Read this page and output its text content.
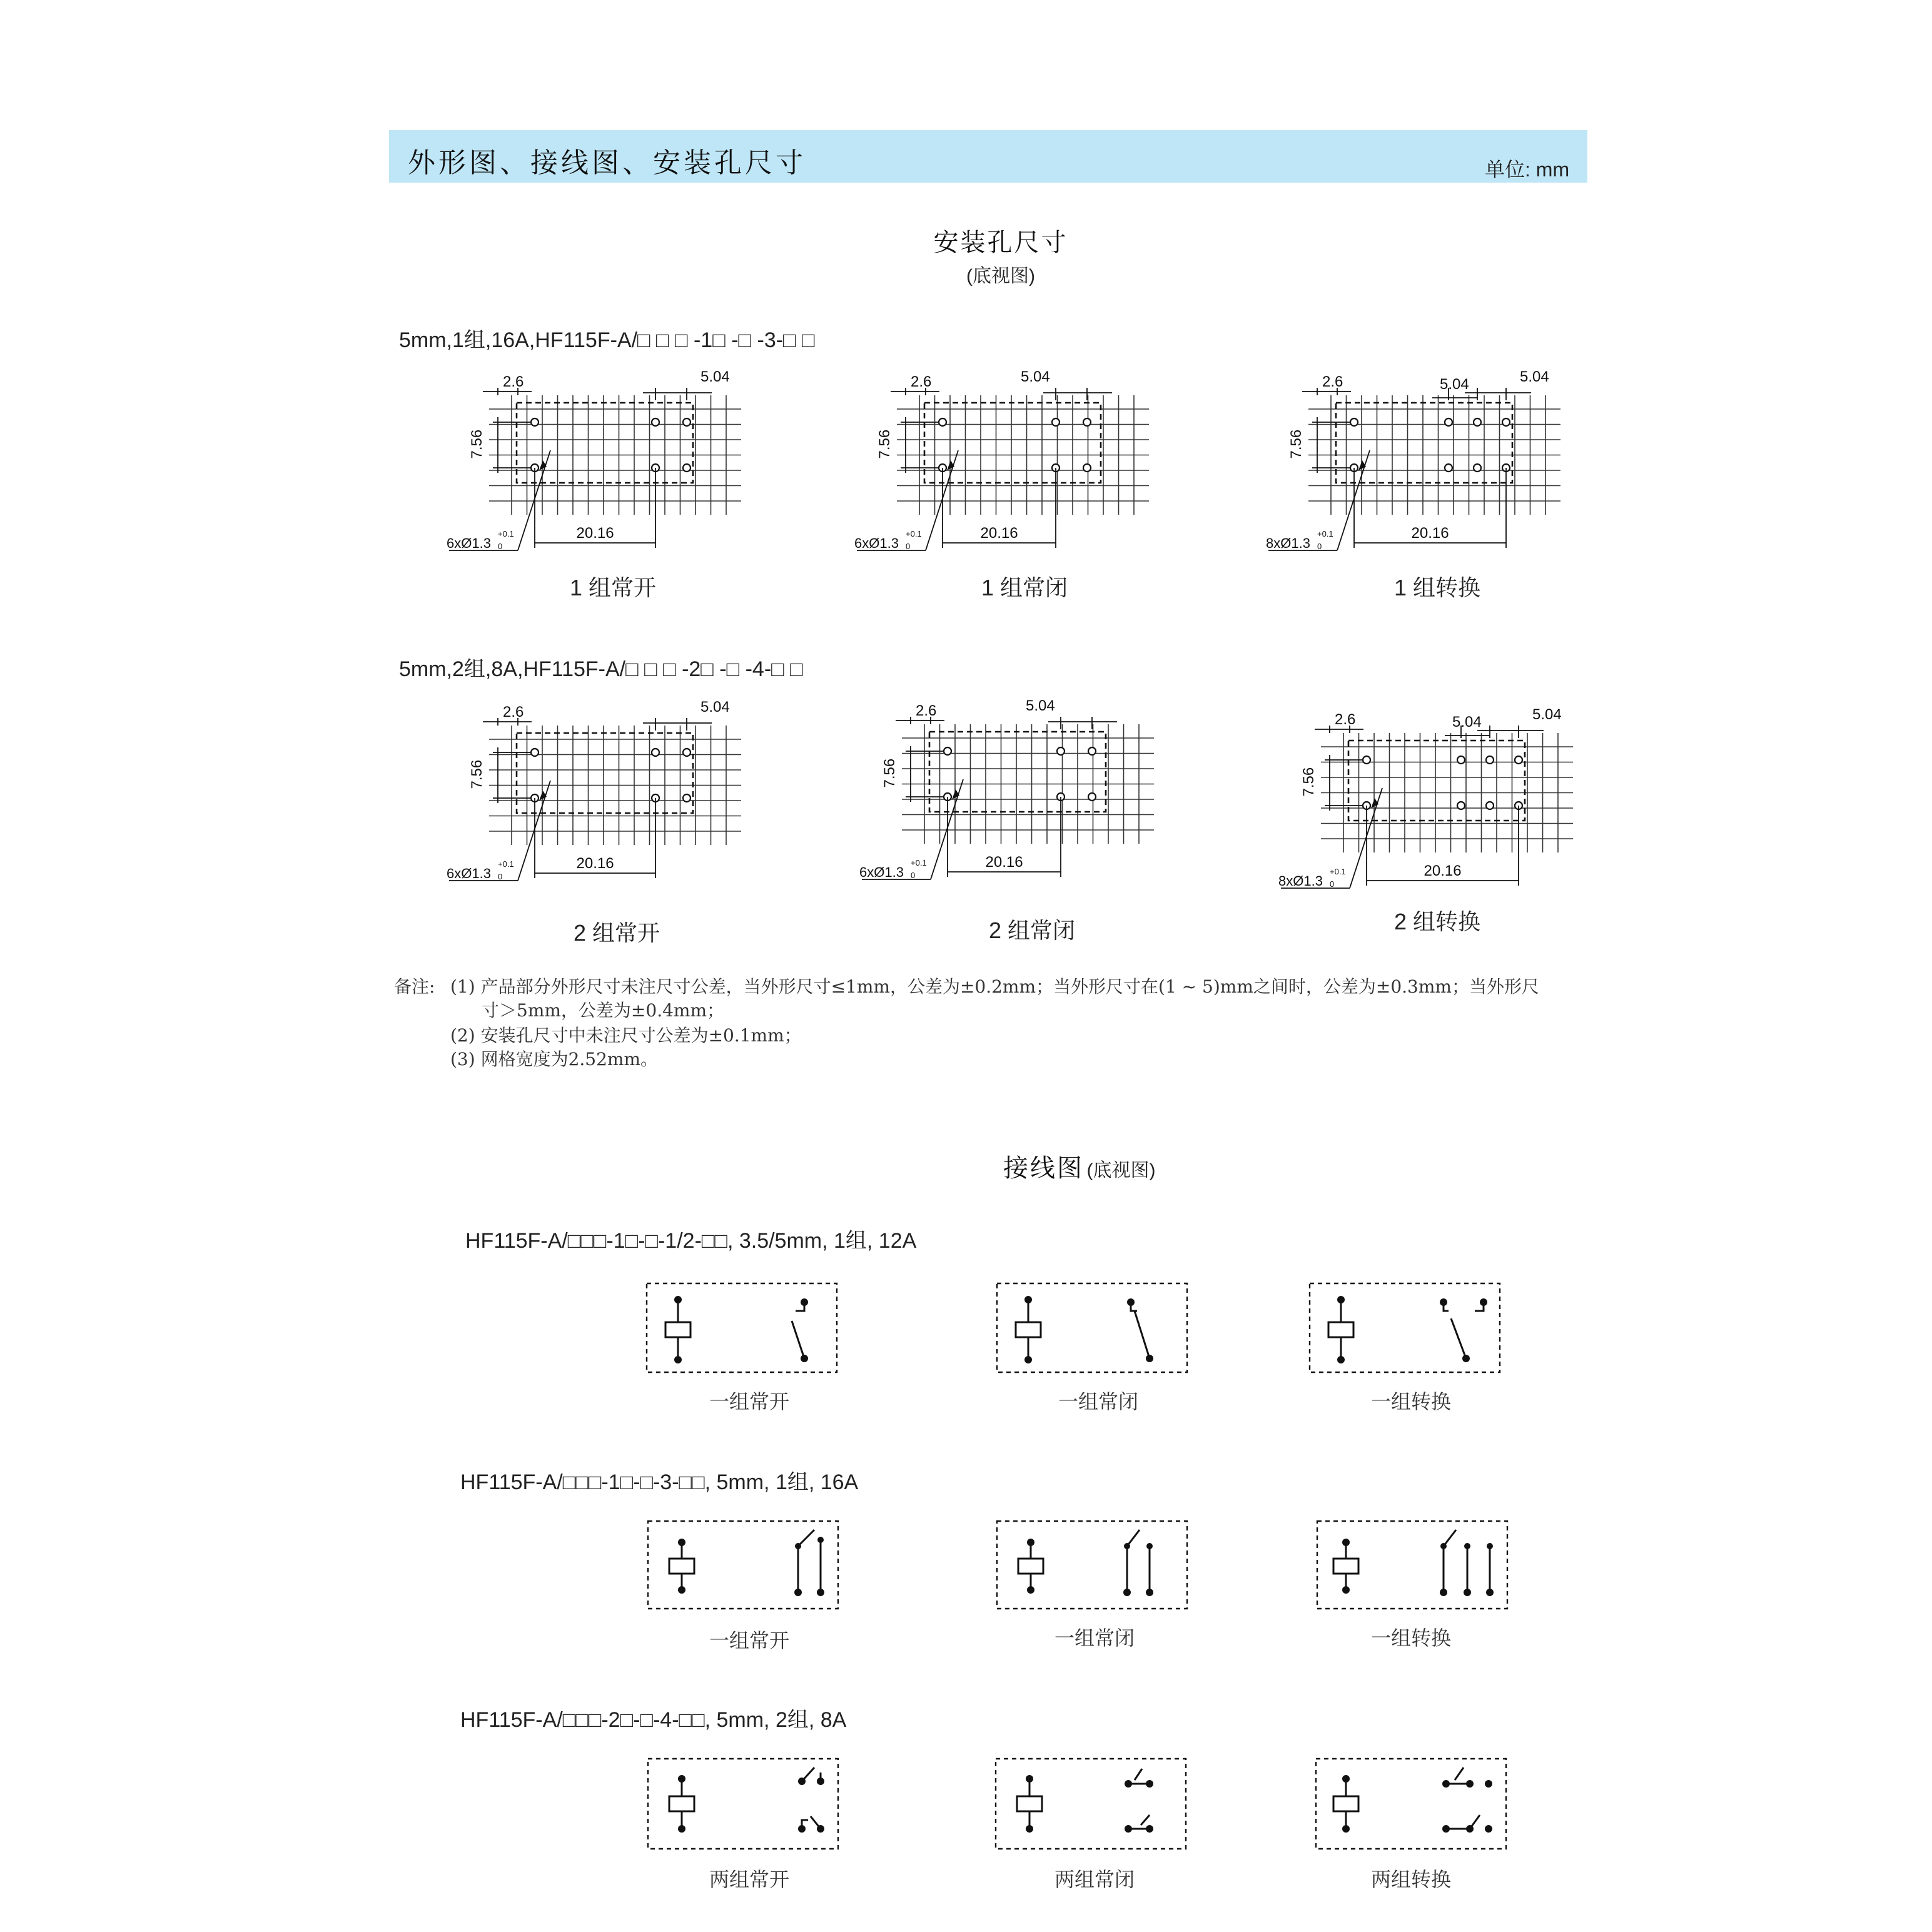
外形图、接线图、安装孔尺寸	单位: mm
安装孔尺寸
(底视图)
5mm,1组,16A,HF115F-A/□ □ □ -1□ -□ -3-□ □
5mm,2组,8A,HF115F-A/□ □ □ -2□ -□ -4-□ □
2.6	5.04
7.56
20.16
6xØ1.3
+0.1
0
2.6	5.04
7.56
20.16
6xØ1.3
+0.1
0
2.6	5.04
5.04
7.56
20.16
8xØ1.3
+0.1
0
2.6	5.04
7.56
20.16
6xØ1.3
+0.1
0
2.6	5.04
7.56
20.16
6xØ1.3
+0.1
0
2.6	5.04
5.04
7.56
20.16
8xØ1.3
+0.1
0
1 组常开	1 组常闭	1 组转换
2 组常开	2 组常闭	2 组转换
备注: (1) 产品部分外形尺寸未注尺寸公差，当外形尺寸≤1mm，公差为±0.2mm；当外形尺寸在(1 ~ 5)mm之间时，公差为±0.3mm；当外形尺
寸＞5mm，公差为±0.4mm；
(2) 安装孔尺寸中未注尺寸公差为±0.1mm；
(3) 网格宽度为2.52mm。
接线图 (底视图)
HF115F-A/□□□-1□-□-1/2-□□, 3.5/5mm, 1组, 12A
HF115F-A/□□□-1□-□-3-□□, 5mm, 1组, 16A
HF115F-A/□□□-2□-□-4-□□, 5mm, 2组, 8A
一组常开	一组常闭	一组转换
一组常开	一组常闭	一组转换
两组常开	两组常闭	两组转换
